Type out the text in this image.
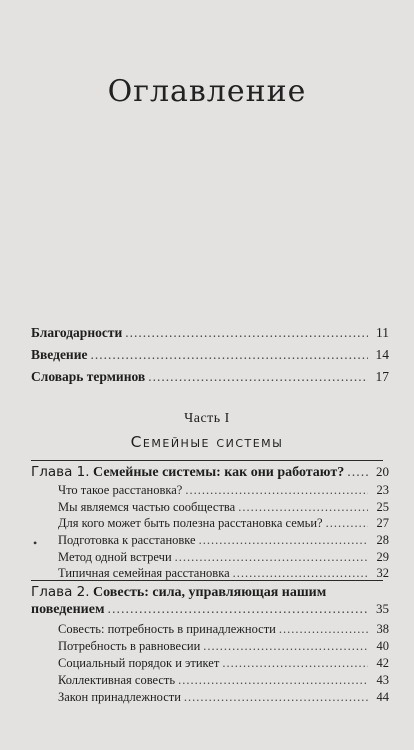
Оглавление
Благодарности .....	11
Введение .....	14
Словарь терминов .....	17
Часть I
Семейные системы
Глава 1. Семейные системы: как они работают? .....	20
Что такое расстановка? .....	23
Мы являемся частью сообщества .....	25
Для кого может быть полезна расстановка семьи? .....	27
• Подготовка к расстановке .....	28
Метод одной встречи .....	29
Типичная семейная расстановка .....	32
Глава 2. Совесть: сила, управляющая нашим
поведением .....	35
Совесть: потребность в принадлежности .....	38
Потребность в равновесии .....	40
Социальный порядок и этикет .....	42
Коллективная совесть .....	43
Закон принадлежности .....	44
